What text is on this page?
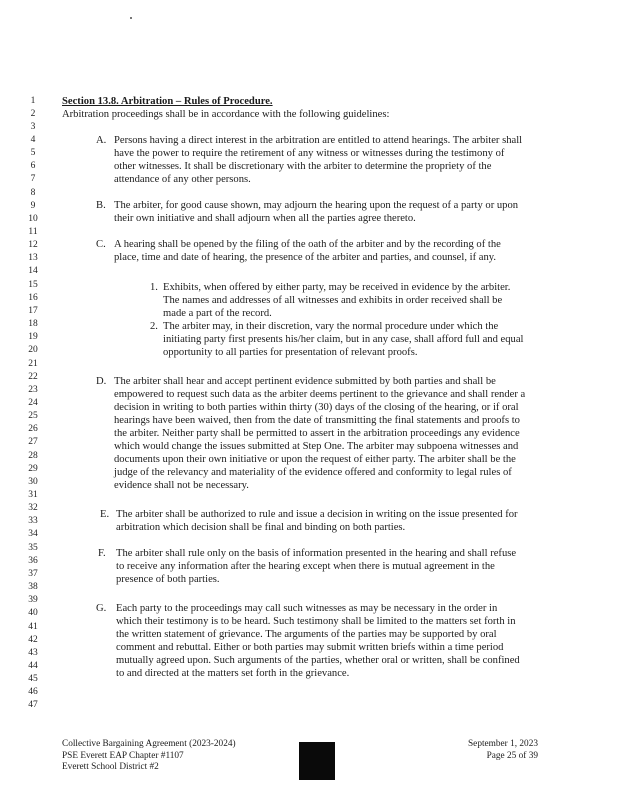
1
2
3
4
5
6
7
8
9
10
11
12
13
14
15
16
17
18
19
20
21
22
23
24
25
26
27
28
29
30
31
32
33
34
35
36
37
38
39
40
41
42
43
44
45
46
47
Section 13.8. Arbitration – Rules of Procedure.
Arbitration proceedings shall be in accordance with the following guidelines:
A. Persons having a direct interest in the arbitration are entitled to attend hearings. The arbiter shall
have the power to require the retirement of any witness or witnesses during the testimony of
other witnesses. It shall be discretionary with the arbiter to determine the propriety of the
attendance of any other persons.
B. The arbiter, for good cause shown, may adjourn the hearing upon the request of a party or upon
their own initiative and shall adjourn when all the parties agree thereto.
C. A hearing shall be opened by the filing of the oath of the arbiter and by the recording of the
place, time and date of hearing, the presence of the arbiter and parties, and counsel, if any.
1. Exhibits, when offered by either party, may be received in evidence by the arbiter.
The names and addresses of all witnesses and exhibits in order received shall be
made a part of the record.
2. The arbiter may, in their discretion, vary the normal procedure under which the
initiating party first presents his/her claim, but in any case, shall afford full and equal
opportunity to all parties for presentation of relevant proofs.
D. The arbiter shall hear and accept pertinent evidence submitted by both parties and shall be
empowered to request such data as the arbiter deems pertinent to the grievance and shall render a
decision in writing to both parties within thirty (30) days of the closing of the hearing, or if oral
hearings have been waived, then from the date of transmitting the final statements and proofs to
the arbiter. Neither party shall be permitted to assert in the arbitration proceedings any evidence
which would change the issues submitted at Step One. The arbiter may subpoena witnesses and
documents upon their own initiative or upon the request of either party. The arbiter shall be the
judge of the relevancy and materiality of the evidence offered and conformity to legal rules of
evidence shall not be necessary.
E. The arbiter shall be authorized to rule and issue a decision in writing on the issue presented for
arbitration which decision shall be final and binding on both parties.
F. The arbiter shall rule only on the basis of information presented in the hearing and shall refuse
to receive any information after the hearing except when there is mutual agreement in the
presence of both parties.
G. Each party to the proceedings may call such witnesses as may be necessary in the order in
which their testimony is to be heard. Such testimony shall be limited to the matters set forth in
the written statement of grievance. The arguments of the parties may be supported by oral
comment and rebuttal. Either or both parties may submit written briefs within a time period
mutually agreed upon. Such arguments of the parties, whether oral or written, shall be confined
to and directed at the matters set forth in the grievance.
Collective Bargaining Agreement (2023-2024)
PSE Everett EAP Chapter #1107
Everett School District #2
September 1, 2023
Page 25 of 39
